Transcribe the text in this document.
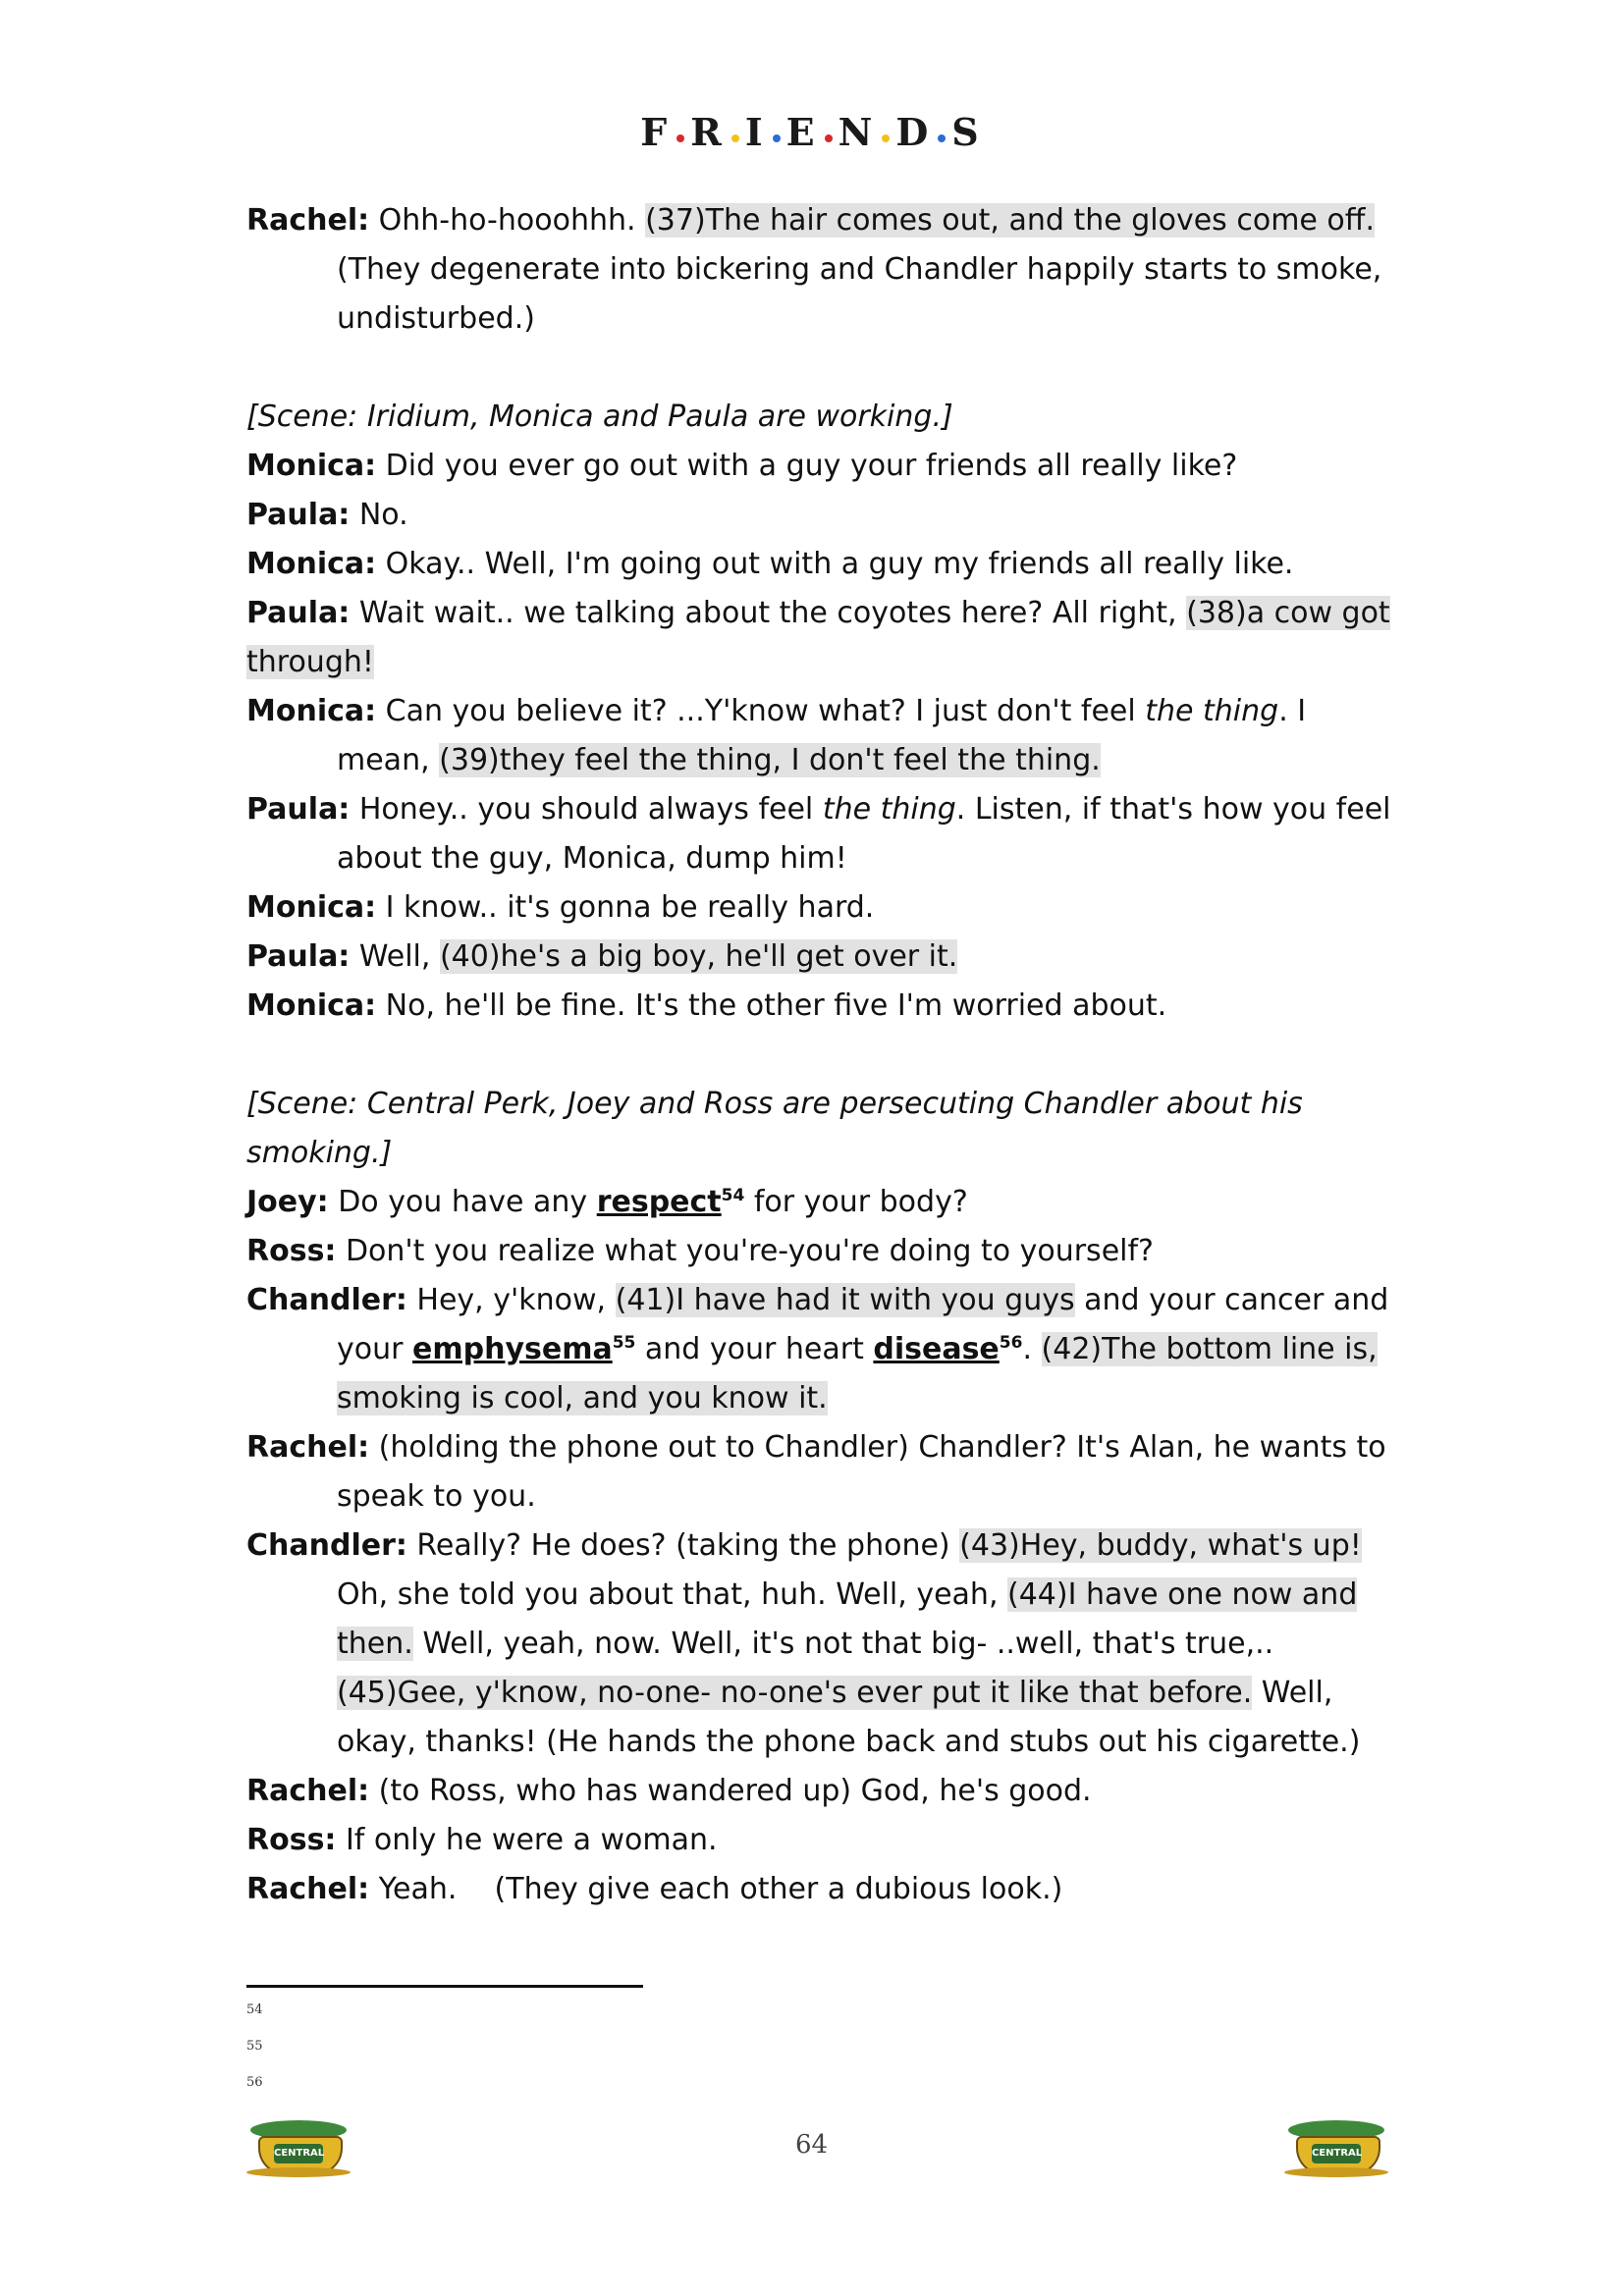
F R I E N D S

Rachel: Ohh-ho-hooohhh. (37)The hair comes out, and the gloves come off. (They degenerate into bickering and Chandler happily starts to smoke, undisturbed.)

[Scene: Iridium, Monica and Paula are working.]

Monica: Did you ever go out with a guy your friends all really like?

Paula: No.

Monica: Okay.. Well, I'm going out with a guy my friends all really like.

Paula: Wait wait.. we talking about the coyotes here? All right, (38)a cow got through!

Monica: Can you believe it? ...Y'know what? I just don't feel the thing. I mean, (39)they feel the thing, I don't feel the thing.

Paula: Honey.. you should always feel the thing. Listen, if that's how you feel about the guy, Monica, dump him!

Monica: I know.. it's gonna be really hard.

Paula: Well, (40)he's a big boy, he'll get over it.

Monica: No, he'll be fine. It's the other five I'm worried about.

[Scene: Central Perk, Joey and Ross are persecuting Chandler about his smoking.]

Joey: Do you have any respect$^{54}$ for your body?

Ross: Don't you realize what you're-you're doing to yourself?

Chandler: Hey, y'know, (41)I have had it with you guys and your cancer and your emphysema$^{55}$ and your heart disease$^{56}$. (42)The bottom line is, smoking is cool, and you know it.

Rachel: (holding the phone out to Chandler) Chandler? It's Alan, he wants to speak to you.

Chandler: Really? He does? (taking the phone) (43)Hey, buddy, what's up! Oh, she told you about that, huh. Well, yeah, (44)I have one now and then. Well, yeah, now. Well, it's not that big- ..well, that's true,.. (45)Gee, y'know, no-one- no-one's ever put it like that before. Well, okay, thanks! (He hands the phone back and stubs out his cigarette.)

Rachel: (to Ross, who has wandered up) God, he's good.

Ross: If only he were a woman.

Rachel: Yeah.    (They give each other a dubious look.)

54
55
56
CENTRAL	64	CENTRAL
